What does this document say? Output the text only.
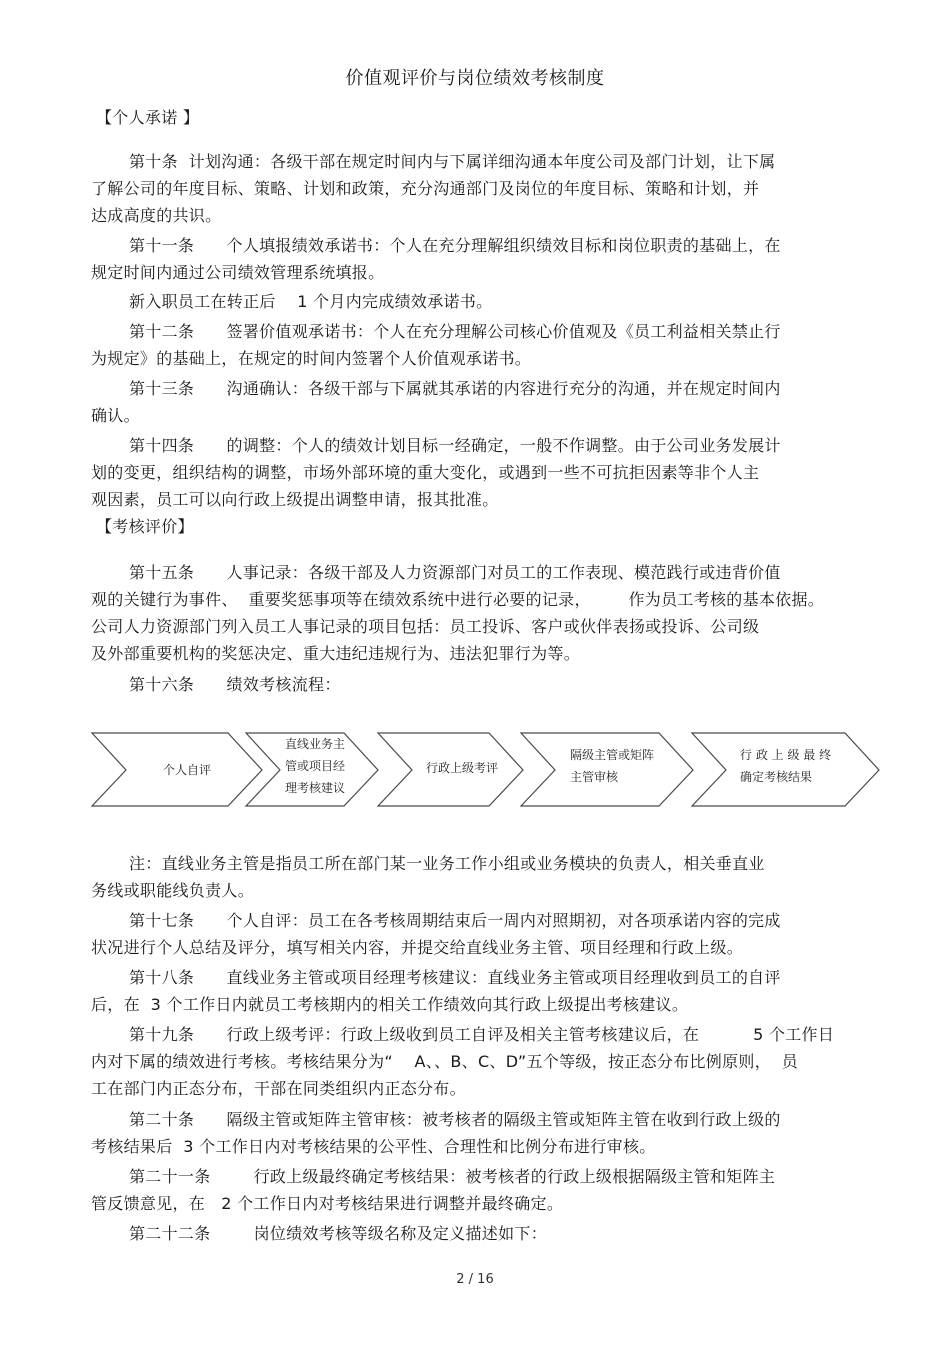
价值观评价与岗位绩效考核制度
【个人承诺 】
第十条  计划沟通：各级干部在规定时间内与下属详细沟通本年度公司及部门计划，让下属
了解公司的年度目标、策略、计划和政策，充分沟通部门及岗位的年度目标、策略和计划，并
达成高度的共识。
第十一条      个人填报绩效承诺书：个人在充分理解组织绩效目标和岗位职责的基础上，在
规定时间内通过公司绩效管理系统填报。
新入职员工在转正后    1 个月内完成绩效承诺书。
第十二条      签署价值观承诺书：个人在充分理解公司核心价值观及《员工利益相关禁止行
为规定》的基础上，在规定的时间内签署个人价值观承诺书。
第十三条      沟通确认：各级干部与下属就其承诺的内容进行充分的沟通，并在规定时间内
确认。
第十四条      的调整：个人的绩效计划目标一经确定，一般不作调整。由于公司业务发展计
划的变更，组织结构的调整，市场外部环境的重大变化，或遇到一些不可抗拒因素等非个人主
观因素，员工可以向行政上级提出调整申请，报其批准。
【考核评价】
第十五条      人事记录：各级干部及人力资源部门对员工的工作表现、模范践行或违背价值
观的关键行为事件、  重要奖惩事项等在绩效系统中进行必要的记录，       作为员工考核的基本依据。
公司人力资源部门列入员工人事记录的项目包括：员工投诉、客户或伙伴表扬或投诉、公司级
及外部重要机构的奖惩决定、重大违纪违规行为、违法犯罪行为等。
第十六条      绩效考核流程：
个人自评
直线业务主
管或项目经
理考核建议
行政上级考评
隔级主管或矩阵
主管审核
行 政 上 级 最 终
确定考核结果
注：直线业务主管是指员工所在部门某一业务工作小组或业务模块的负责人，相关垂直业
务线或职能线负责人。
第十七条      个人自评：员工在各考核周期结束后一周内对照期初，对各项承诺内容的完成
状况进行个人总结及评分，填写相关内容，并提交给直线业务主管、项目经理和行政上级。
第十八条      直线业务主管或项目经理考核建议：直线业务主管或项目经理收到员工的自评
后，在  3 个工作日内就员工考核期内的相关工作绩效向其行政上级提出考核建议。
第十九条      行政上级考评：行政上级收到员工自评及相关主管考核建议后，在          5 个工作日
内对下属的绩效进行考核。考核结果分为“    A、、B、C、D”五个等级，按正态分布比例原则，  员
工在部门内正态分布，干部在同类组织内正态分布。
第二十条      隔级主管或矩阵主管审核：被考核者的隔级主管或矩阵主管在收到行政上级的
考核结果后  3 个工作日内对考核结果的公平性、合理性和比例分布进行审核。
第二十一条        行政上级最终确定考核结果：被考核者的行政上级根据隔级主管和矩阵主
管反馈意见，在   2 个工作日内对考核结果进行调整并最终确定。
第二十二条        岗位绩效考核等级名称及定义描述如下：
2 / 16
